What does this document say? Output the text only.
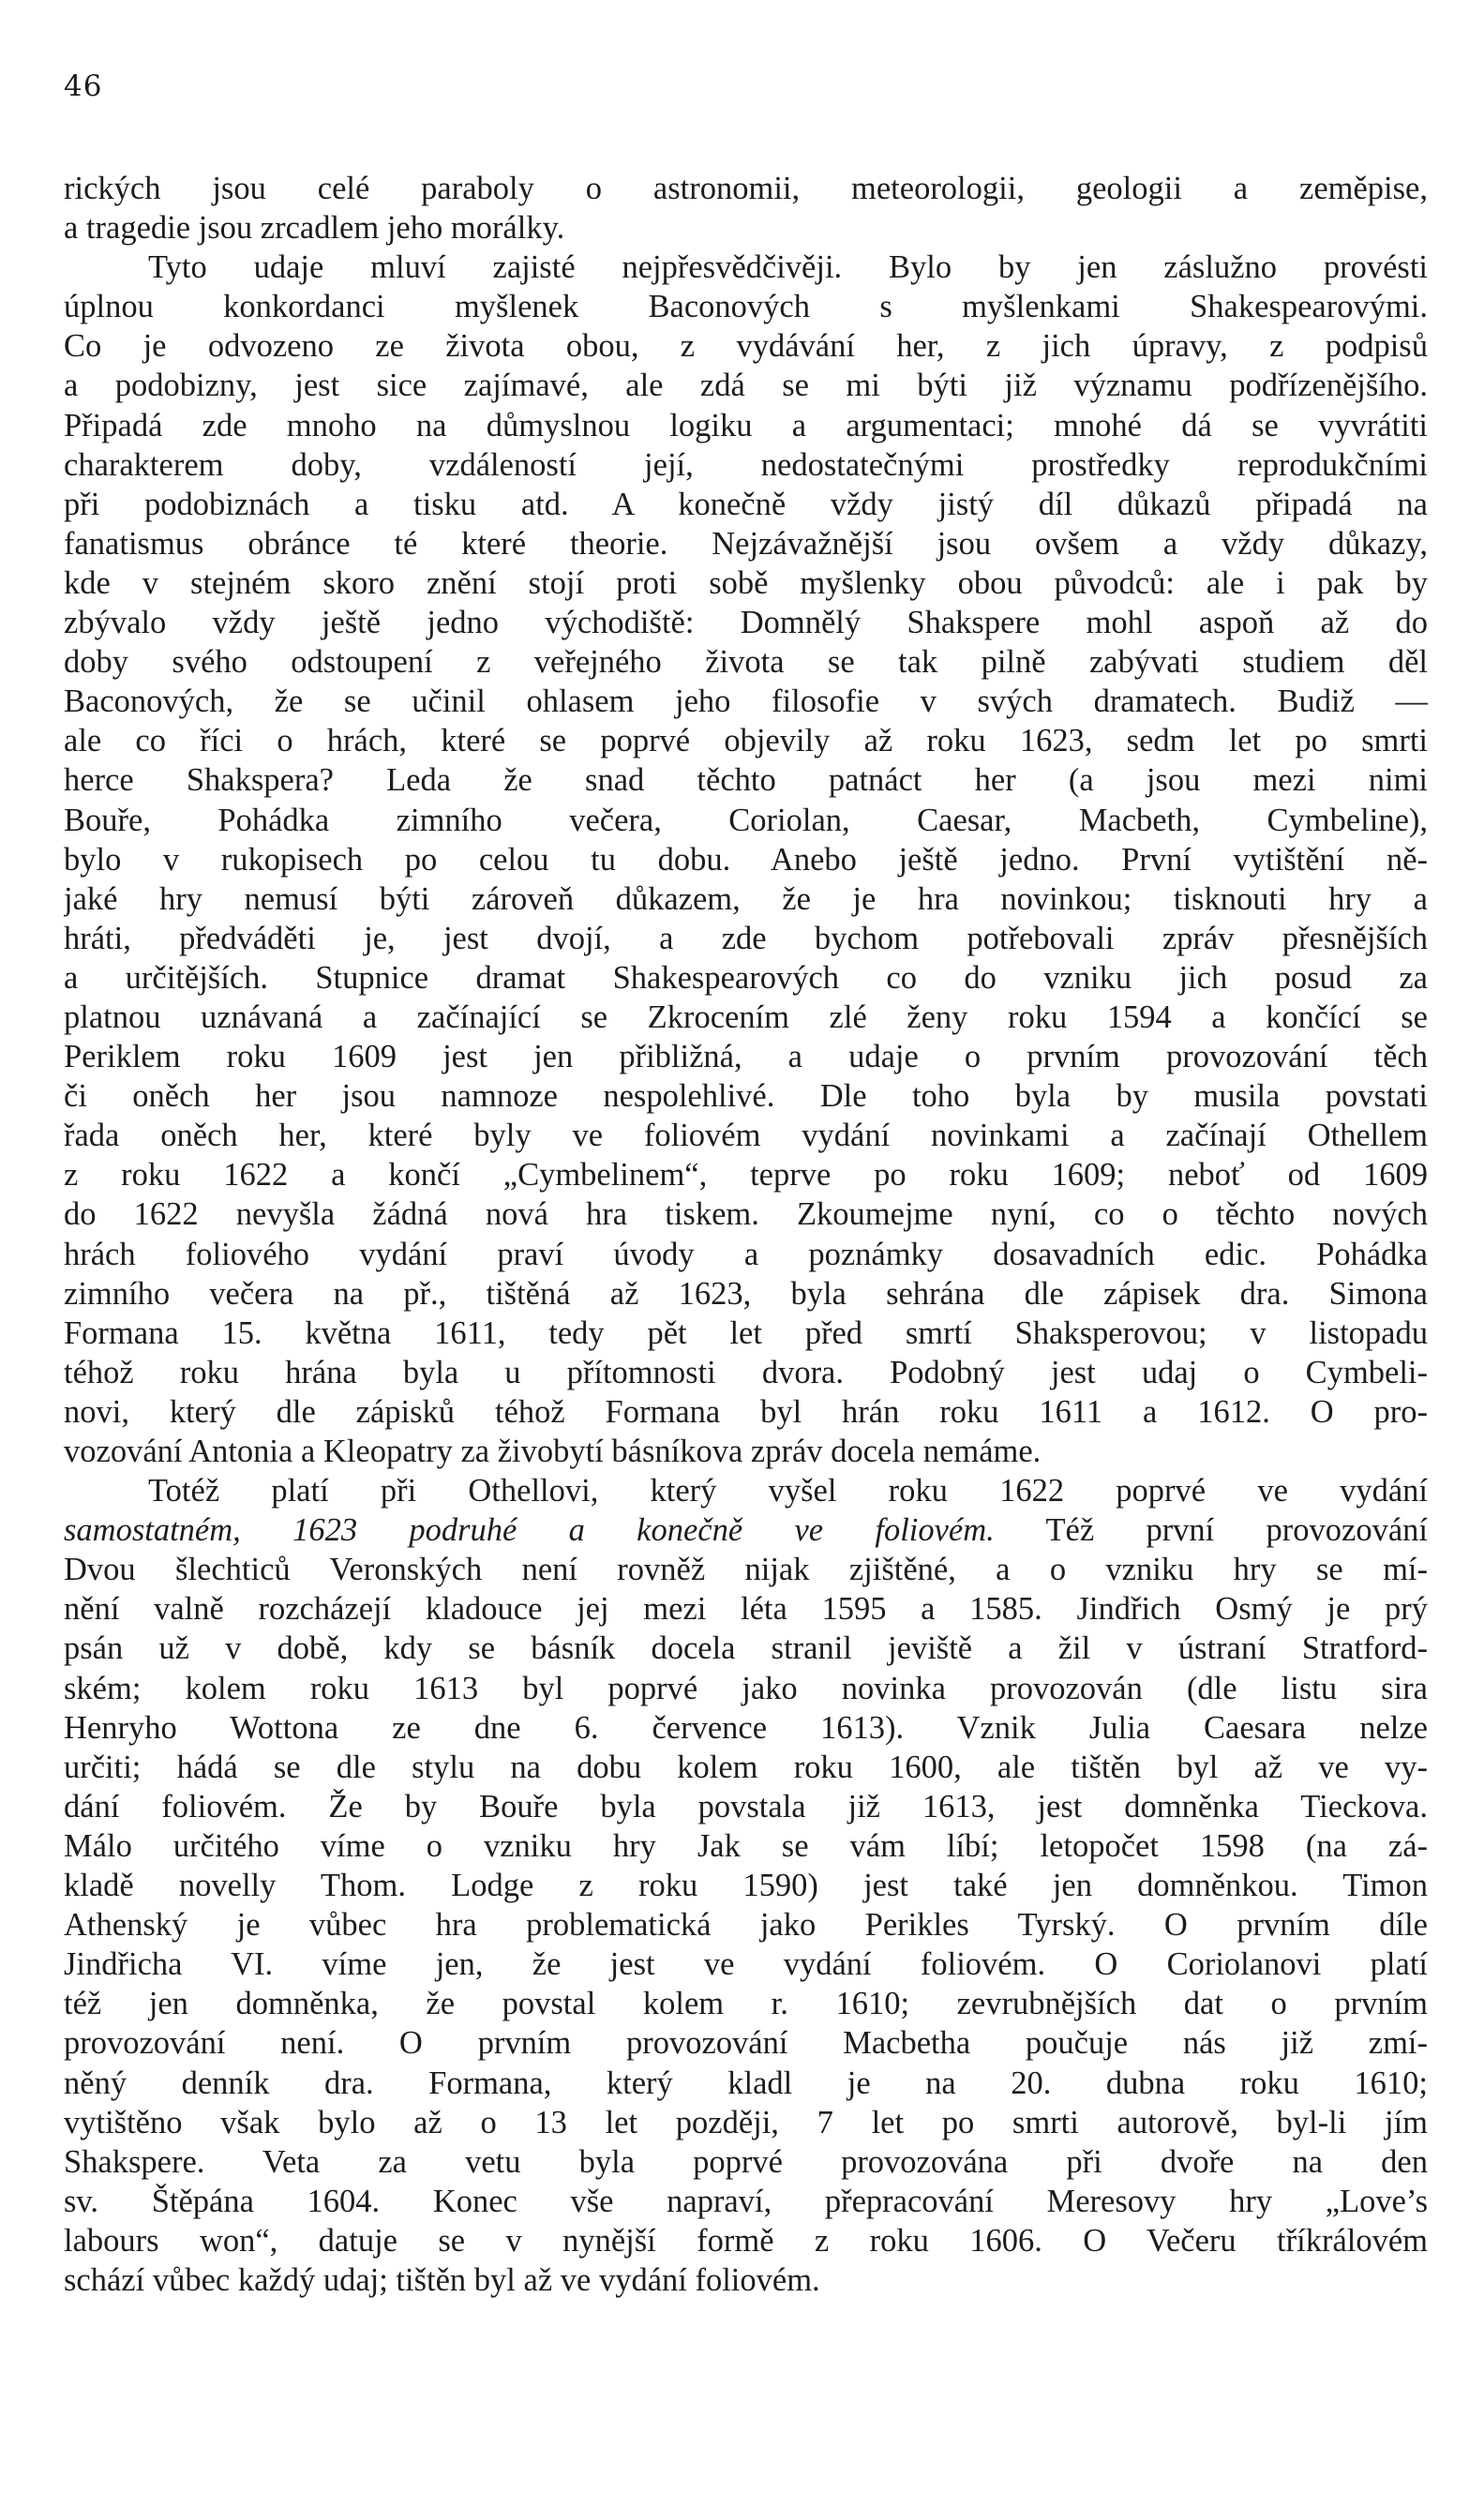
46
rických jsou celé paraboly o astronomii, meteorologii, geologii a zeměpise,
a tragedie jsou zrcadlem jeho morálky.
Tyto udaje mluví zajisté nejpřesvědčivěji. Bylo by jen záslužno provésti
úplnou konkordanci myšlenek Baconových s myšlenkami Shakespearovými.
Co je odvozeno ze života obou, z vydávání her, z jich úpravy, z podpisů
a podobizny, jest sice zajímavé, ale zdá se mi býti již významu podřízenějšího.
Připadá zde mnoho na důmyslnou logiku a argumentaci; mnohé dá se vyvrátiti
charakterem doby, vzdáleností její, nedostatečnými prostředky reprodukčními
při podobiznách a tisku atd. A konečně vždy jistý díl důkazů připadá na
fanatismus obránce té které theorie. Nejzávažnější jsou ovšem a vždy důkazy,
kde v stejném skoro znění stojí proti sobě myšlenky obou původců: ale i pak by
zbývalo vždy ještě jedno východiště: Domnělý Shakspere mohl aspoň až do
doby svého odstoupení z veřejného života se tak pilně zabývati studiem děl
Baconových, že se učinil ohlasem jeho filosofie v svých dramatech. Budiž —
ale co říci o hrách, které se poprvé objevily až roku 1623, sedm let po smrti
herce Shakspera? Leda že snad těchto patnáct her (a jsou mezi nimi
Bouře, Pohádka zimního večera, Coriolan, Caesar, Macbeth, Cymbeline),
bylo v rukopisech po celou tu dobu. Anebo ještě jedno. První vytištění ně-
jaké hry nemusí býti zároveň důkazem, že je hra novinkou; tisknouti hry a
hráti, předváděti je, jest dvojí, a zde bychom potřebovali zpráv přesnějších
a určitějších. Stupnice dramat Shakespearových co do vzniku jich posud za
platnou uznávaná a začínající se Zkrocením zlé ženy roku 1594 a končící se
Periklem roku 1609 jest jen přibližná, a udaje o prvním provozování těch
či oněch her jsou namnoze nespolehlivé. Dle toho byla by musila povstati
řada oněch her, které byly ve foliovém vydání novinkami a začínají Othellem
z roku 1622 a končí „Cymbelinem“, teprve po roku 1609; neboť od 1609
do 1622 nevyšla žádná nová hra tiskem. Zkoumejme nyní, co o těchto nových
hrách foliového vydání praví úvody a poznámky dosavadních edic. Pohádka
zimního večera na př., tištěná až 1623, byla sehrána dle zápisek dra. Simona
Formana 15. května 1611, tedy pět let před smrtí Shaksperovou; v listopadu
téhož roku hrána byla u přítomnosti dvora. Podobný jest udaj o Cymbeli-
novi, který dle zápisků téhož Formana byl hrán roku 1611 a 1612. O pro-
vozování Antonia a Kleopatry za živobytí básníkova zpráv docela nemáme.
Totéž platí při Othellovi, který vyšel roku 1622 poprvé ve vydání
samostatném, 1623 podruhé a konečně ve foliovém. Též první provozování
Dvou šlechticů Veronských není rovněž nijak zjištěné, a o vzniku hry se mí-
nění valně rozcházejí kladouce jej mezi léta 1595 a 1585. Jindřich Osmý je prý
psán už v době, kdy se básník docela stranil jeviště a žil v ústraní Stratford-
ském; kolem roku 1613 byl poprvé jako novinka provozován (dle listu sira
Henryho Wottona ze dne 6. července 1613). Vznik Julia Caesara nelze
určiti; hádá se dle stylu na dobu kolem roku 1600, ale tištěn byl až ve vy-
dání foliovém. Že by Bouře byla povstala již 1613, jest domněnka Tieckova.
Málo určitého víme o vzniku hry Jak se vám líbí; letopočet 1598 (na zá-
kladě novelly Thom. Lodge z roku 1590) jest také jen domněnkou. Timon
Athenský je vůbec hra problematická jako Perikles Tyrský. O prvním díle
Jindřicha VI. víme jen, že jest ve vydání foliovém. O Coriolanovi platí
též jen domněnka, že povstal kolem r. 1610; zevrubnějších dat o prvním
provozování není. O prvním provozování Macbetha poučuje nás již zmí-
něný denník dra. Formana, který kladl je na 20. dubna roku 1610;
vytištěno však bylo až o 13 let později, 7 let po smrti autorově, byl-li jím
Shakspere. Veta za vetu byla poprvé provozována při dvoře na den
sv. Štěpána 1604. Konec vše napraví, přepracování Meresovy hry „Love’s
labours won“, datuje se v nynější formě z roku 1606. O Večeru tříkrálovém
schází vůbec každý udaj; tištěn byl až ve vydání foliovém.
